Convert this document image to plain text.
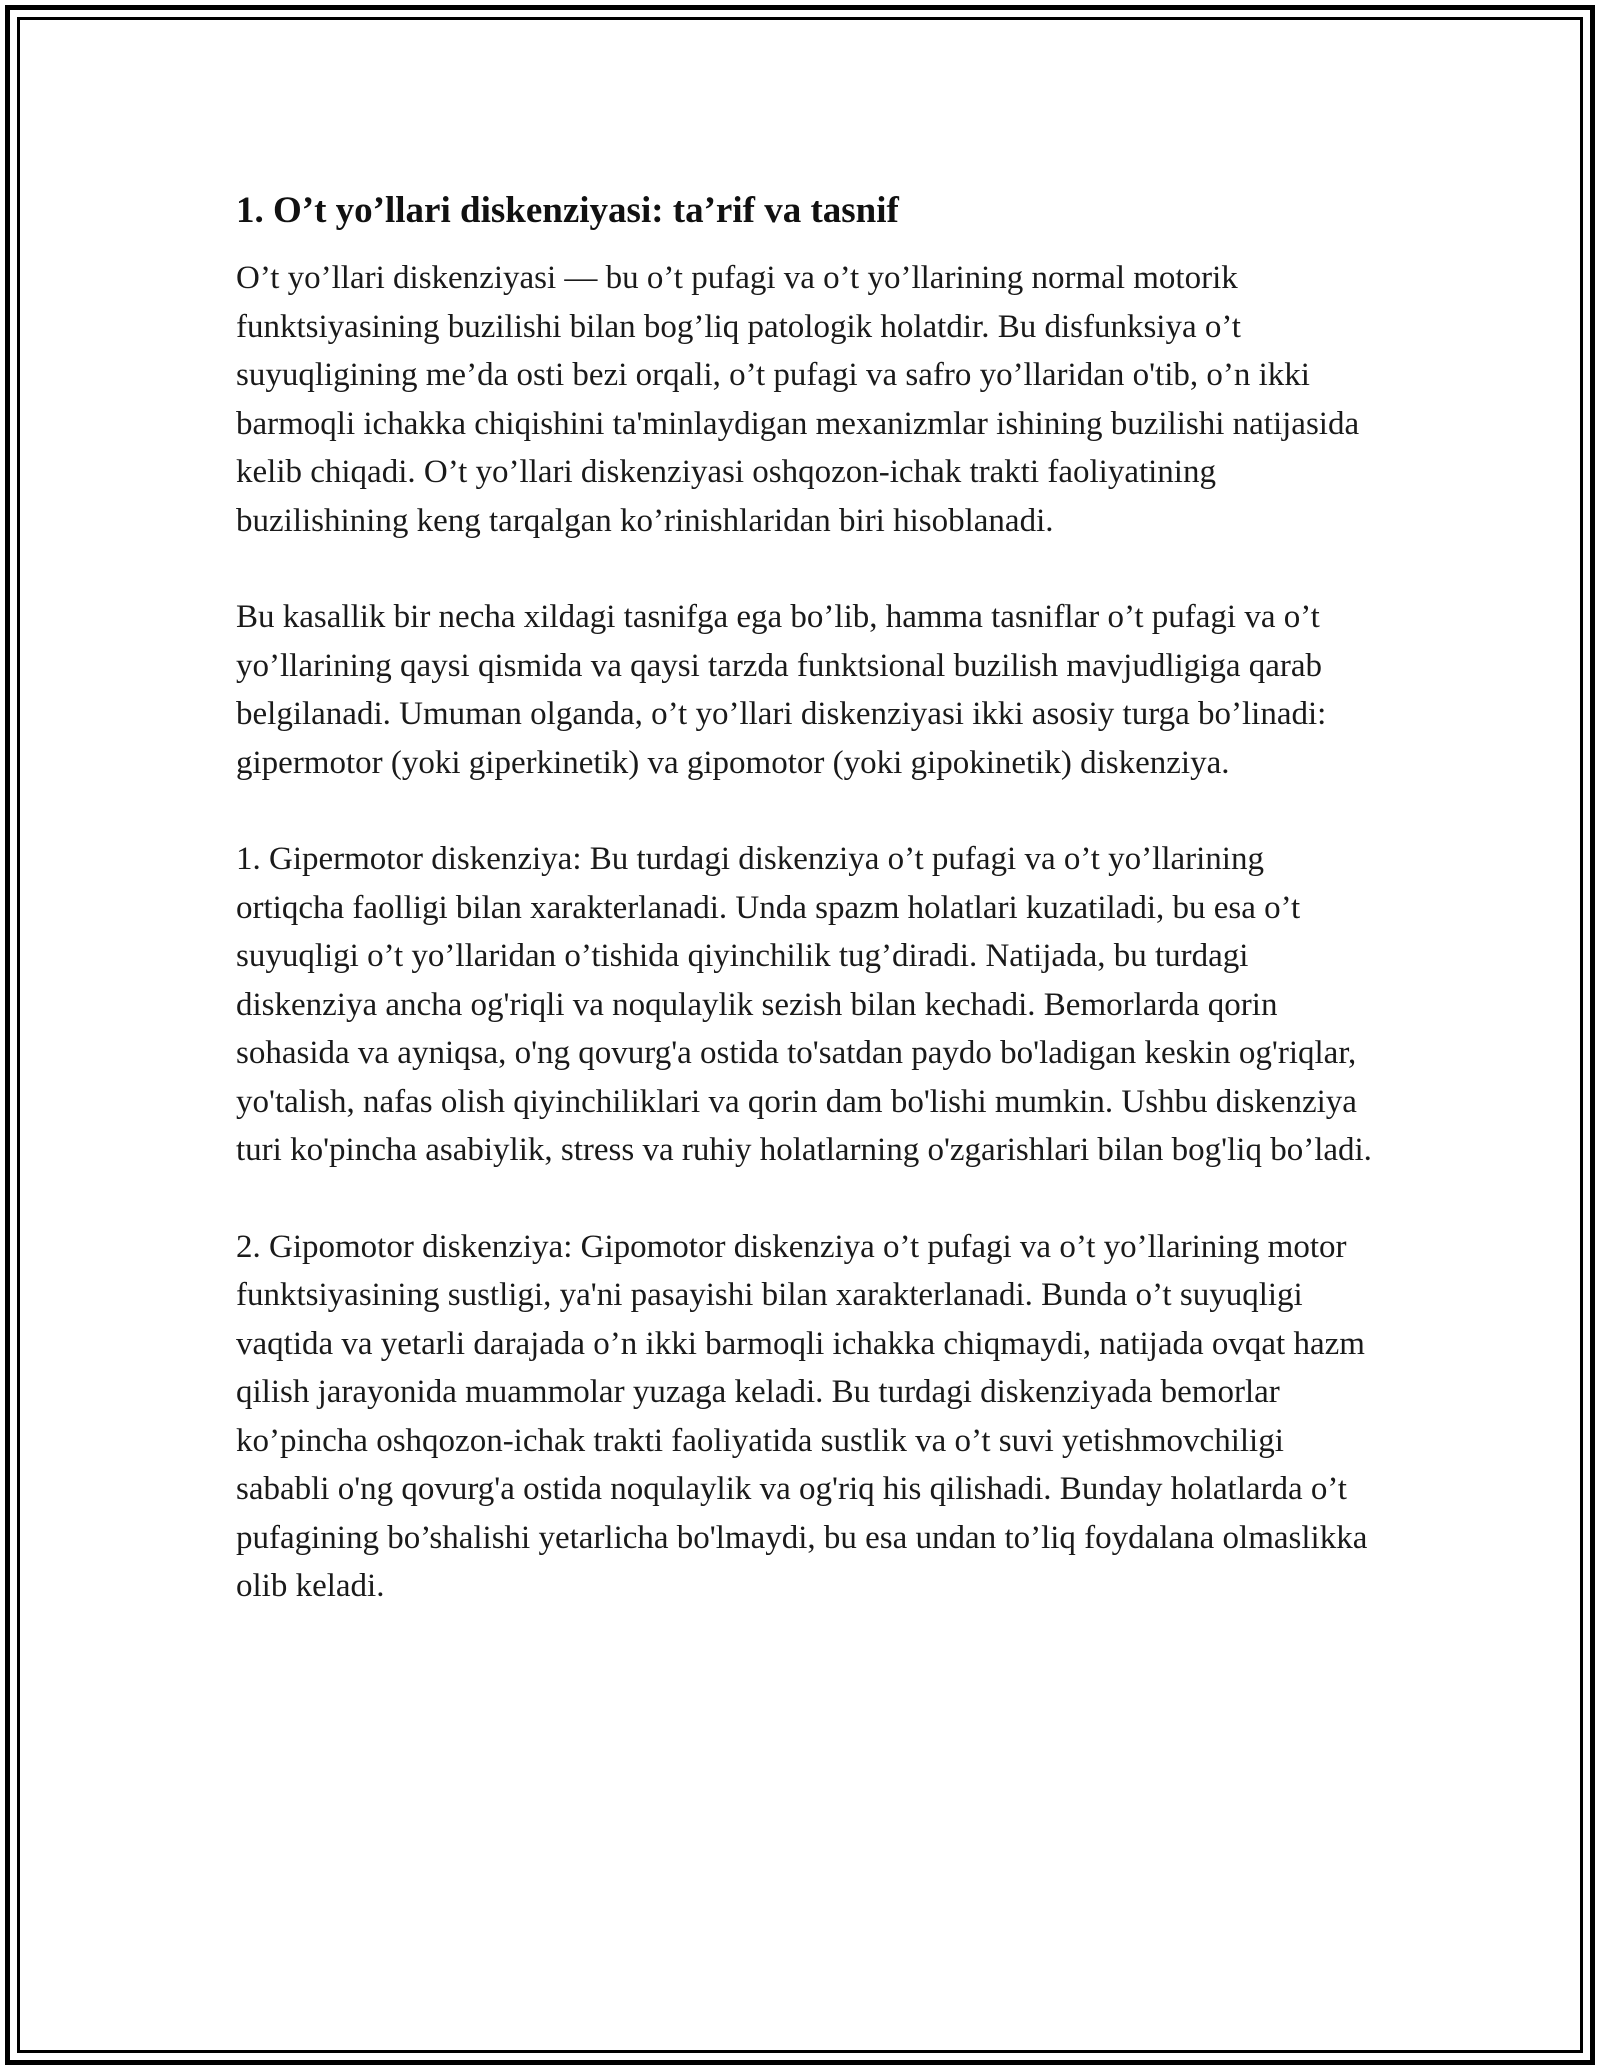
1. O’t yo’llari diskenziyasi: ta’rif va tasnif

O’t yo’llari diskenziyasi — bu o’t pufagi va o’t yo’llarining normal motorik funktsiyasining buzilishi bilan bog’liq patologik holatdir. Bu disfunksiya o’t suyuqligining me’da osti bezi orqali, o’t pufagi va safro yo’llaridan o'tib, o’n ikki barmoqli ichakka chiqishini ta'minlaydigan mexanizmlar ishining buzilishi natijasida kelib chiqadi. O’t yo’llari diskenziyasi oshqozon-ichak trakti faoliyatining buzilishining keng tarqalgan ko’rinishlaridan biri hisoblanadi.

Bu kasallik bir necha xildagi tasnifga ega bo’lib, hamma tasniflar o’t pufagi va o’t yo’llarining qaysi qismida va qaysi tarzda funktsional buzilish mavjudligiga qarab belgilanadi. Umuman olganda, o’t yo’llari diskenziyasi ikki asosiy turga bo’linadi: gipermotor (yoki giperkinetik) va gipomotor (yoki gipokinetik) diskenziya.

1. Gipermotor diskenziya: Bu turdagi diskenziya o’t pufagi va o’t yo’llarining ortiqcha faolligi bilan xarakterlanadi. Unda spazm holatlari kuzatiladi, bu esa o’t suyuqligi o’t yo’llaridan o’tishida qiyinchilik tug’diradi. Natijada, bu turdagi diskenziya ancha og'riqli va noqulaylik sezish bilan kechadi. Bemorlarda qorin sohasida va ayniqsa, o'ng qovurg'a ostida to'satdan paydo bo'ladigan keskin og'riqlar, yo'talish, nafas olish qiyinchiliklari va qorin dam bo'lishi mumkin. Ushbu diskenziya turi ko'pincha asabiylik, stress va ruhiy holatlarning o'zgarishlari bilan bog'liq bo’ladi.

2. Gipomotor diskenziya: Gipomotor diskenziya o’t pufagi va o’t yo’llarining motor funktsiyasining sustligi, ya'ni pasayishi bilan xarakterlanadi. Bunda o’t suyuqligi vaqtida va yetarli darajada o’n ikki barmoqli ichakka chiqmaydi, natijada ovqat hazm qilish jarayonida muammolar yuzaga keladi. Bu turdagi diskenziyada bemorlar ko’pincha oshqozon-ichak trakti faoliyatida sustlik va o’t suvi yetishmovchiligi sababli o'ng qovurg'a ostida noqulaylik va og'riq his qilishadi. Bunday holatlarda o’t pufagining bo’shalishi yetarlicha bo'lmaydi, bu esa undan to’liq foydalana olmaslikka olib keladi.
